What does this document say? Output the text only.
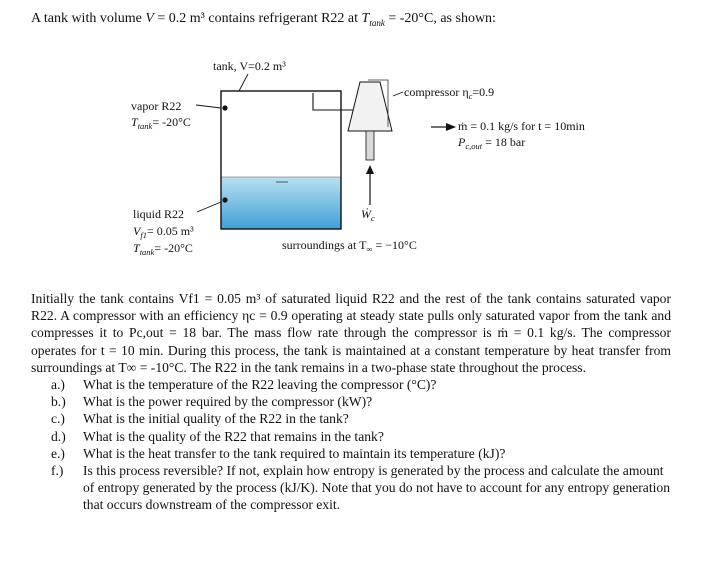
A tank with volume V = 0.2 m³ contains refrigerant R22 at $T_{tank} = -20^\circ C$, as shown:
tank, V=0.2 m³
compressor $\eta_c=0.9$
ṁ = 0.1 kg/s for t = 10min
$P_{c,out} = 18$ bar
vapor R22
$T_{tank}= -20^\circ C$
liquid R22
$V_{f1}= 0.05$ m³
$T_{tank}= -20^\circ C$
Ẇ$_c$
surroundings at $T_\infty = -10^\circ C$

Initially the tank contains Vf1 = 0.05 m³ of saturated liquid R22 and the rest of the tank contains saturated vapor R22. A compressor with an efficiency ηc = 0.9 operating at steady state pulls only saturated vapor from the tank and compresses it to Pc,out = 18 bar. The mass flow rate through the compressor is ṁ = 0.1 kg/s. The compressor operates for t = 10 min. During this process, the tank is maintained at a constant temperature by heat transfer from surroundings at T∞ = -10°C. The R22 in the tank remains in a two-phase state throughout the process.

a.) What is the temperature of the R22 leaving the compressor (°C)?
b.) What is the power required by the compressor (kW)?
c.) What is the initial quality of the R22 in the tank?
d.) What is the quality of the R22 that remains in the tank?
e.) What is the heat transfer to the tank required to maintain its temperature (kJ)?
f.) Is this process reversible? If not, explain how entropy is generated by the process and calculate the amount of entropy generated by the process (kJ/K). Note that you do not have to account for any entropy generation that occurs downstream of the compressor exit.
